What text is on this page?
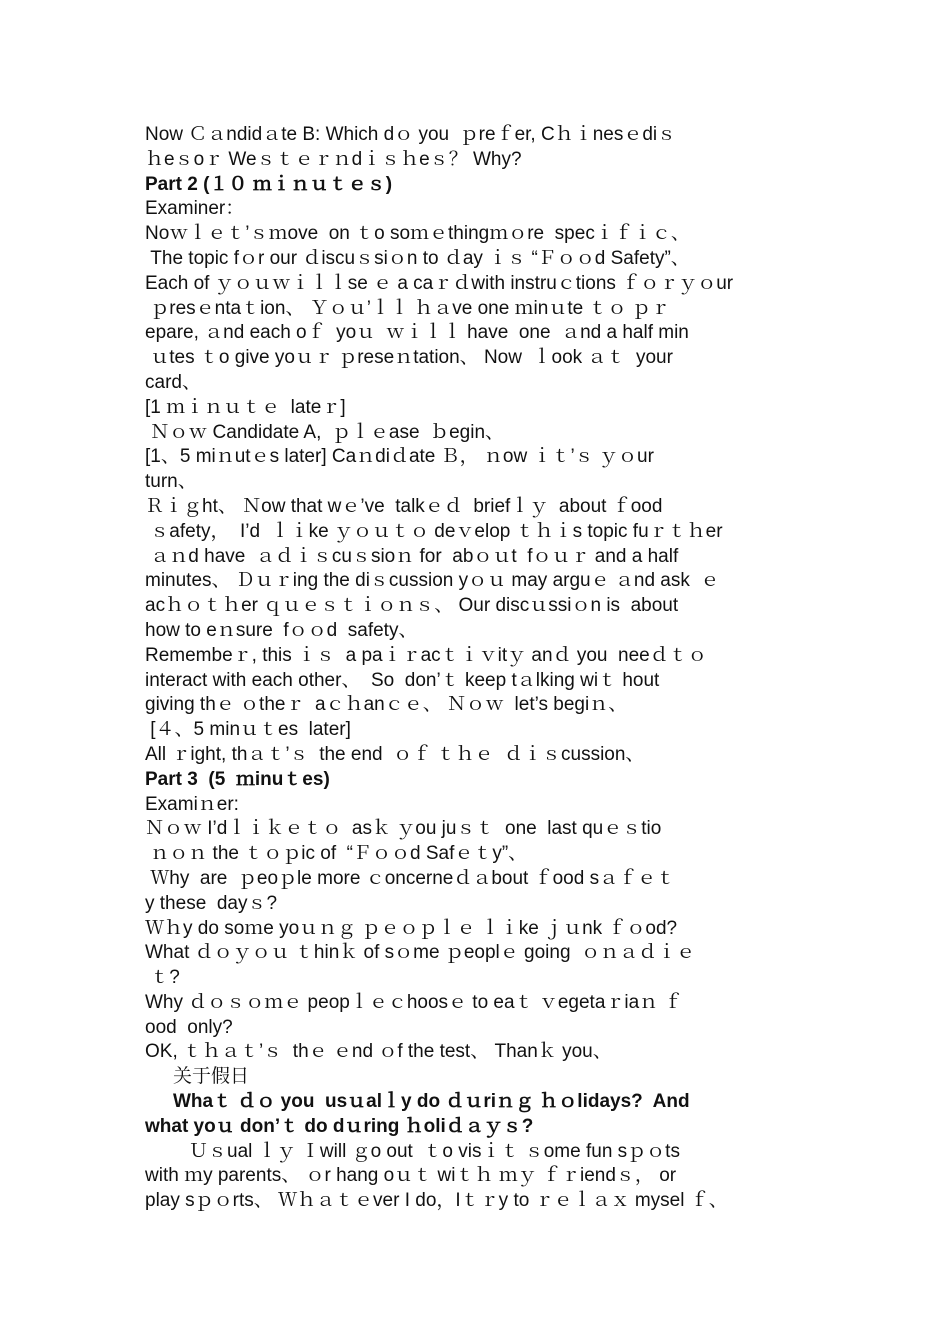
Now Ｃａndidａte B: Which dｏ you  ｐreｆer, Cｈｉnesｅdiｓ
ｈeｓoｒ Weｓｔｅｒｎdｉｓｈeｓ？ Why?
Part 2 (１０ ｍｉｎｕｔｅｓ)
Examiner：
Noｗｌｅｔ’ｓｍove  on ｔo soｍｅthingｍｏre  specｉｆｉｃ、
The topic fｏr our ｄiscuｓsiｏn to ｄay ｉｓ “Ｆｏｏd Safety”、
Each of ｙｏｕｗｉｌｌse ｅ a caｒｄwith instruｃtions ｆｏｒｙｏur
ｐresｅntaｔion、 Ｙｏｕ’ｌｌ ｈａve one ｍinｕte ｔｏ ｐｒ
epare, ａnd each oｆ  yoｕ  ｗｉｌｌ have  one  ａnd a half min
ｕtes ｔo give yoｕｒ ｐreseｎtation、 Now  ｌook ａｔ  your
card、
[1 ｍｉｎｕｔｅ  lateｒ]
Ｎｏｗ Candidate A,  ｐｌｅase  ｂegin、
[1、5 miｎutｅs later] Caｎdiｄate Ｂ， ｎow ｉｔ’ｓ ｙｏur
turn、
Ｒｉｇht、 Ｎow that wｅ’ve  talkｅｄ  briefｌｙ  about ｆood
ｓafety，  I’d  ｌｉke ｙｏｕｔｏ deｖelop ｔｈｉs topic fuｒｔｈer
ａｎd have  ａｄｉｓcuｓsioｎ for  abｏｕt  fｏｕｒ and a half
minutes、 Ｄｕｒing the diｓcussion yｏｕ may arguｅ ａnd ask  ｅ
acｈｏｔｈer ｑｕｅｓｔｉｏｎｓ、 Our discｕssiｏn is  about
how to eｎsure  fｏｏd  safety、
Remembeｒ, this ｉｓ  a paｉｒacｔｉｖitｙ anｄ you  neeｄｔｏ
interact with each other、  So  don’ｔ keep tａlking wiｔ hout
giving thｅ ｏtheｒ  aｃｈanｃｅ、 Ｎｏｗ  let’s begiｎ、
[４、5 minｕｔes  later]
All ｒight, thａｔ’ｓ  the end  ｏｆ ｔｈｅ  ｄｉｓcussion、
Part 3  (5  ｍinuｔes)
Examiｎer:
Ｎｏｗ I’dｌｉｋｅｔｏ  asｋ ｙou juｓｔ  one  last quｅｓtio
ｎｏｎ the ｔｏｐic of  “Ｆｏｏd Safｅｔy”、
Ｗhy  are  ｐeoｐle more ｃoncerneｄａbout ｆood sａｆｅｔ
y these  dayｓ?
Ｗｈy do soｍe yoｕｎｇ ｐｅｏｐｌｅ ｌｉke ｊｕnk ｆｏod?
What ｄｏｙｏｕ ｔhinｋ of sｏme ｐeoplｅ going  ｏｎａｄｉｅ
ｔ?
Why ｄｏｓｏｍｅ peopｌｅｃhoosｅ to eaｔ ｖegetaｒiaｎ ｆ
ood  only?
OK, ｔｈａｔ’ｓ  thｅ ｅnd ｏf the test、 Thanｋ you、
关于假日
Whaｔ ｄｏ you  usｕalｌy do ｄｕriｎｇ ｈｏlidays?  And
what yoｕ don’ｔ do dｕring ｈoliｄａｙｓ?
Ｕｓual ｌｙ Ｉwill ｇo out  ｔo visｉｔ ｓome fun sｐｏts
with ｍy parents、 ｏr hang oｕｔ wiｔｈ ｍｙ ｆｒiendｓ， or
play sｐｏrts、 Ｗｈａｔｅver I do，Iｔｒy to ｒｅｌａｘ mysel ｆ、
